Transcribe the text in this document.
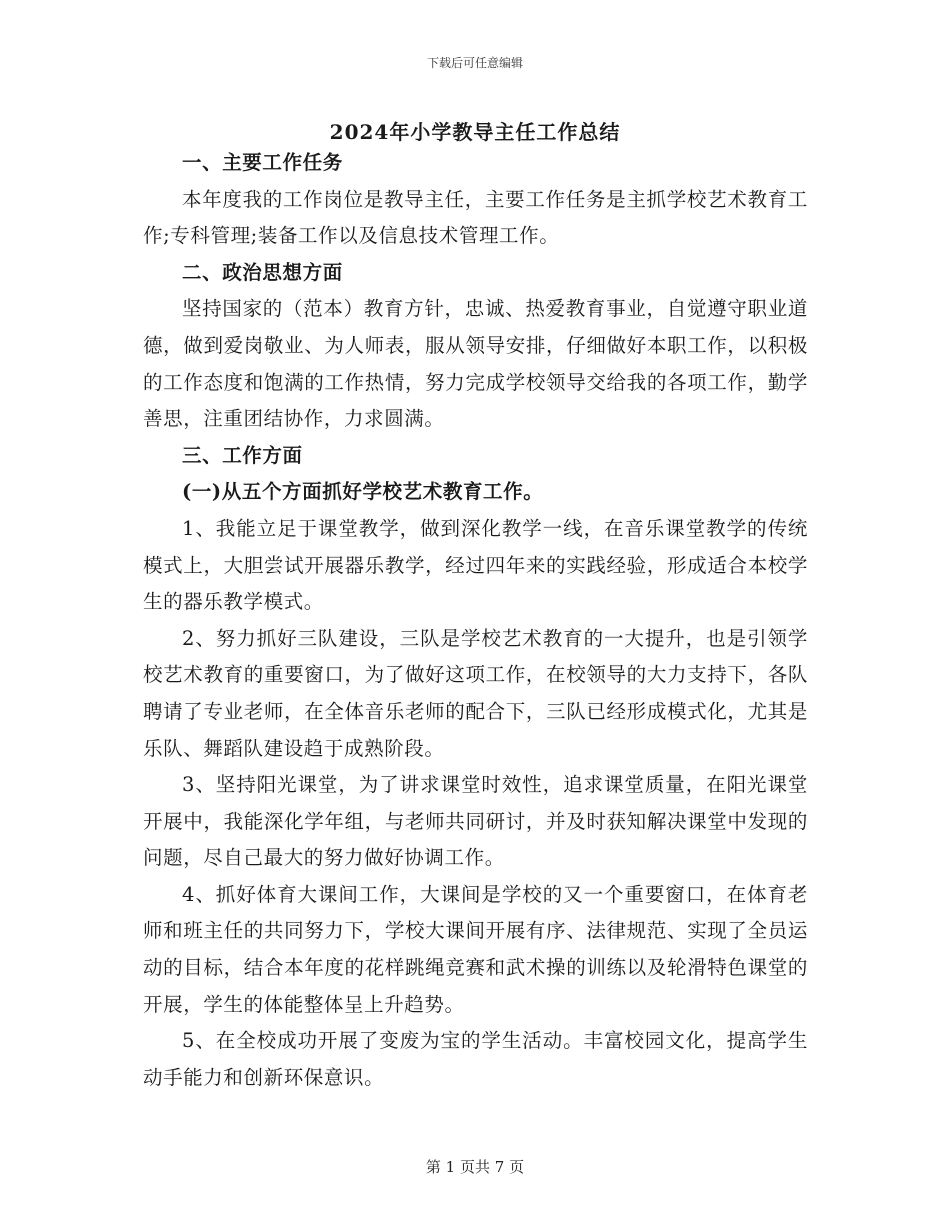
下载后可任意编辑
2024年小学教导主任工作总结

一、主要工作任务

本年度我的工作岗位是教导主任，主要工作任务是主抓学校艺术教育工作;专科管理;装备工作以及信息技术管理工作。

二、政治思想方面

坚持国家的（范本）教育方针，忠诚、热爱教育事业，自觉遵守职业道德，做到爱岗敬业、为人师表，服从领导安排，仔细做好本职工作，以积极的工作态度和饱满的工作热情，努力完成学校领导交给我的各项工作，勤学善思，注重团结协作，力求圆满。

三、工作方面

(一)从五个方面抓好学校艺术教育工作。

1、我能立足于课堂教学，做到深化教学一线，在音乐课堂教学的传统模式上，大胆尝试开展器乐教学，经过四年来的实践经验，形成适合本校学生的器乐教学模式。

2、努力抓好三队建设，三队是学校艺术教育的一大提升，也是引领学校艺术教育的重要窗口，为了做好这项工作，在校领导的大力支持下，各队聘请了专业老师，在全体音乐老师的配合下，三队已经形成模式化，尤其是乐队、舞蹈队建设趋于成熟阶段。

3、坚持阳光课堂，为了讲求课堂时效性，追求课堂质量，在阳光课堂开展中，我能深化学年组，与老师共同研讨，并及时获知解决课堂中发现的问题，尽自己最大的努力做好协调工作。

4、抓好体育大课间工作，大课间是学校的又一个重要窗口，在体育老师和班主任的共同努力下，学校大课间开展有序、法律规范、实现了全员运动的目标，结合本年度的花样跳绳竞赛和武术操的训练以及轮滑特色课堂的开展，学生的体能整体呈上升趋势。

5、在全校成功开展了变废为宝的学生活动。丰富校园文化，提高学生动手能力和创新环保意识。

第 1 页共 7 页
